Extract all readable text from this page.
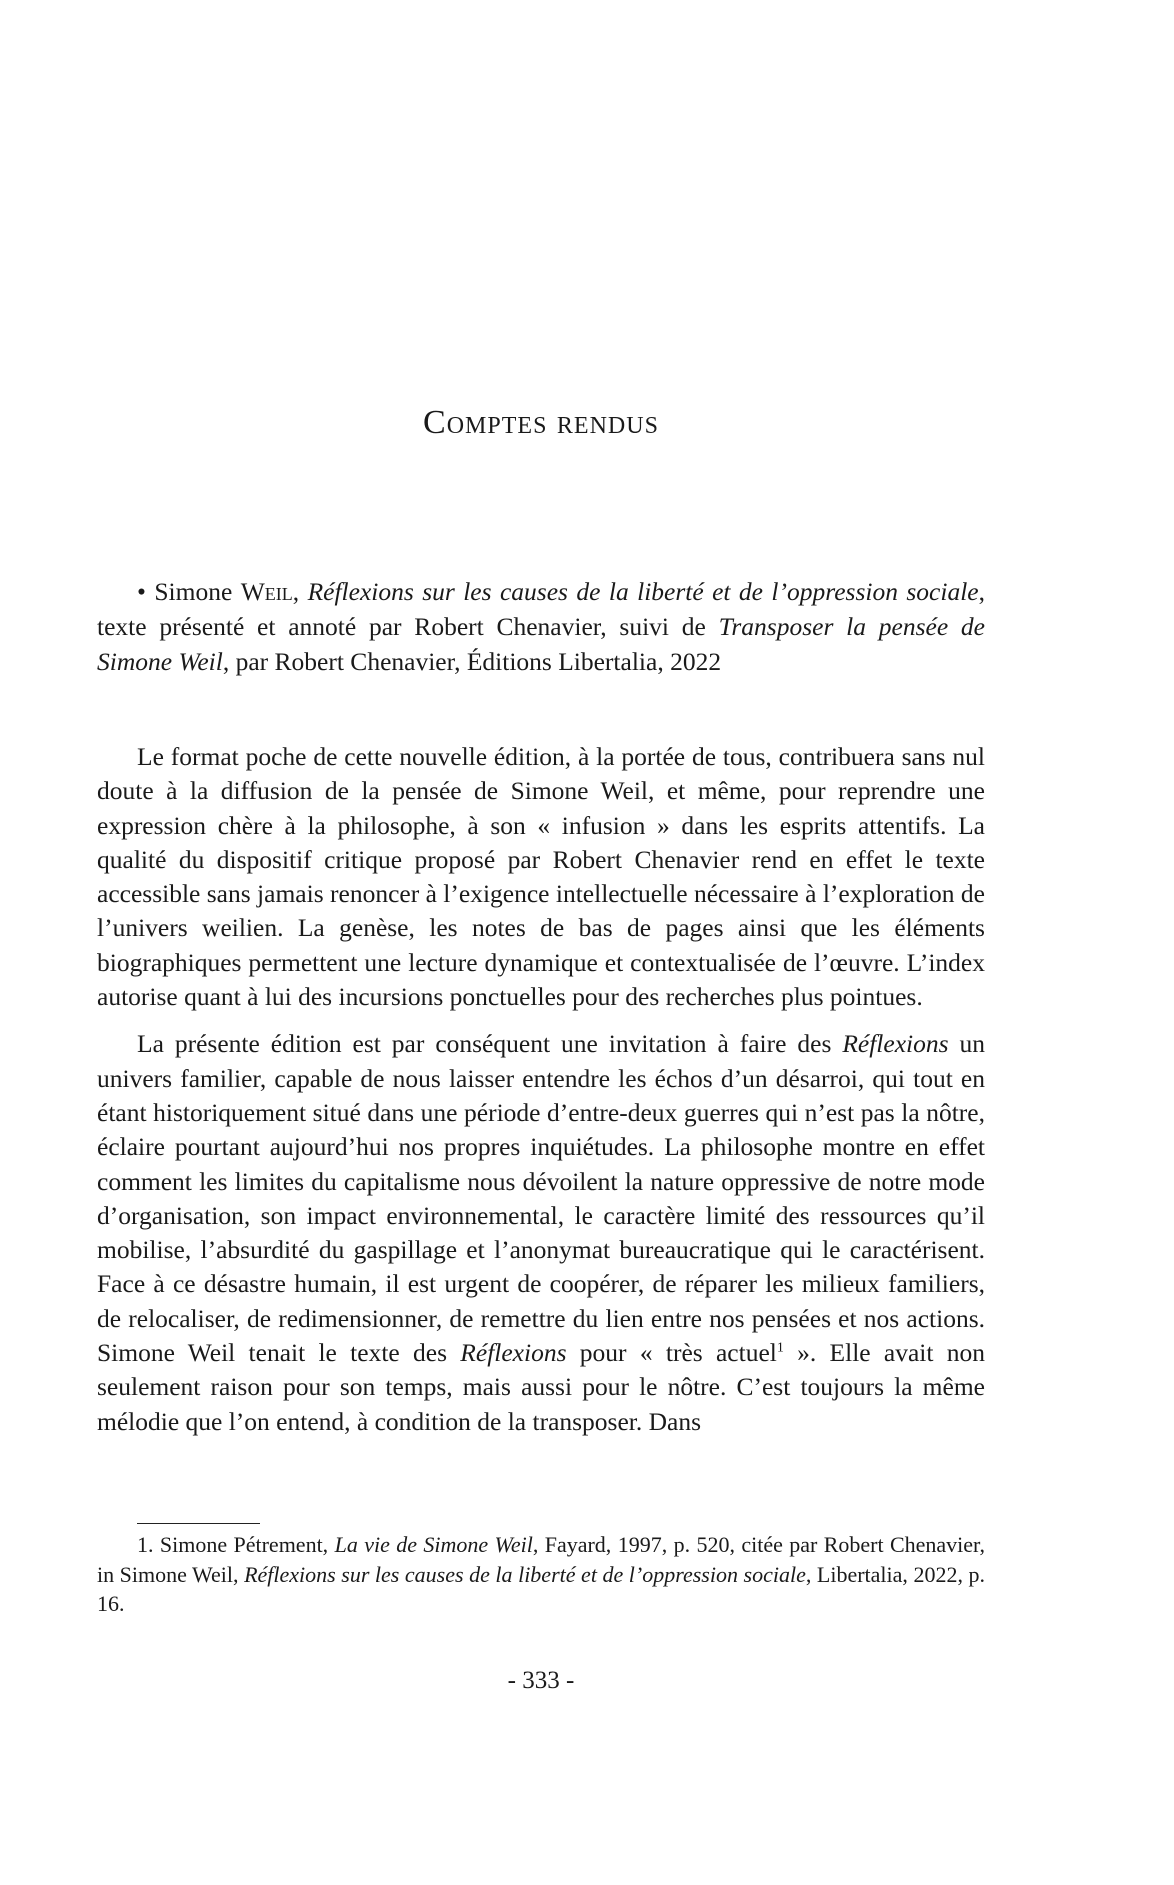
Comptes rendus

• Simone Weil, Réflexions sur les causes de la liberté et de l’oppression sociale, texte présenté et annoté par Robert Chenavier, suivi de Transposer la pensée de Simone Weil, par Robert Chenavier, Éditions Libertalia, 2022

Le format poche de cette nouvelle édition, à la portée de tous, contribuera sans nul doute à la diffusion de la pensée de Simone Weil, et même, pour reprendre une expression chère à la philosophe, à son « infusion » dans les esprits attentifs. La qualité du dispositif critique proposé par Robert Chenavier rend en effet le texte accessible sans jamais renoncer à l’exigence intellectuelle nécessaire à l’exploration de l’univers weilien. La genèse, les notes de bas de pages ainsi que les éléments biographiques permettent une lecture dynamique et contextualisée de l’œuvre. L’index autorise quant à lui des incursions ponctuelles pour des recherches plus pointues.

La présente édition est par conséquent une invitation à faire des Réflexions un univers familier, capable de nous laisser entendre les échos d’un désarroi, qui tout en étant historiquement situé dans une période d’entre-deux guerres qui n’est pas la nôtre, éclaire pourtant aujourd’hui nos propres inquiétudes. La philosophe montre en effet comment les limites du capitalisme nous dévoilent la nature oppressive de notre mode d’organisation, son impact environnemental, le caractère limité des ressources qu’il mobilise, l’absurdité du gaspillage et l’anonymat bureaucratique qui le caractérisent. Face à ce désastre humain, il est urgent de coopérer, de réparer les milieux familiers, de relocaliser, de redimensionner, de remettre du lien entre nos pensées et nos actions. Simone Weil tenait le texte des Réflexions pour « très actuel$^1$ ». Elle avait non seulement raison pour son temps, mais aussi pour le nôtre. C’est toujours la même mélodie que l’on entend, à condition de la transposer. Dans

1. Simone Pétrement, La vie de Simone Weil, Fayard, 1997, p. 520, citée par Robert Chenavier, in Simone Weil, Réflexions sur les causes de la liberté et de l’oppression sociale, Libertalia, 2022, p. 16.

- 333 -
